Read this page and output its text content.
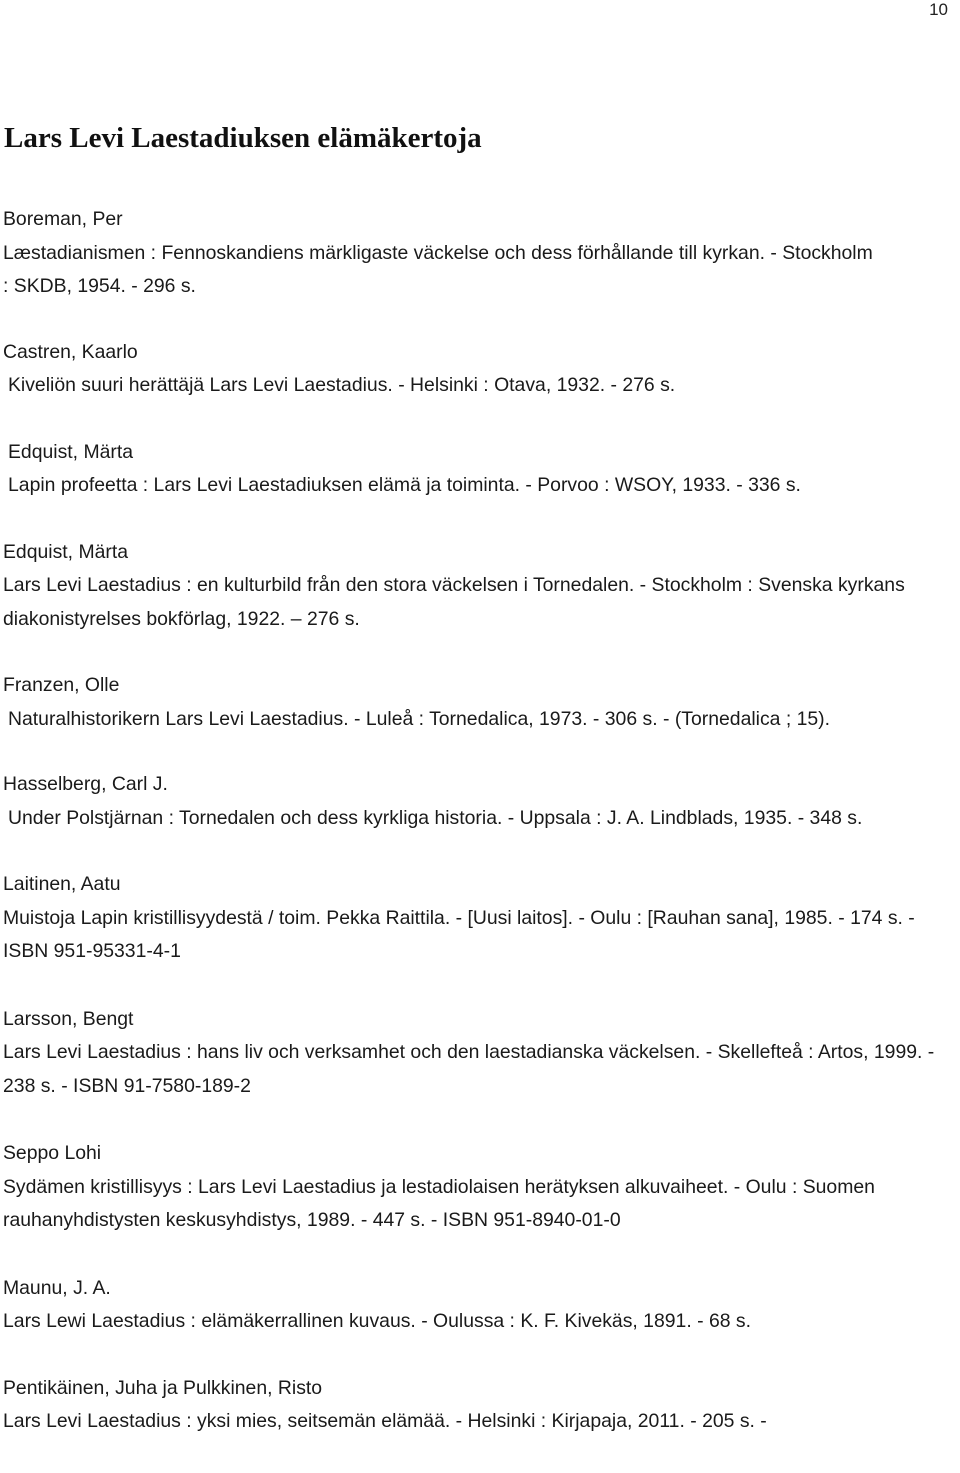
10
Lars Levi Laestadiuksen elämäkertoja

Boreman, Per

Læstadianismen : Fennoskandiens märkligaste väckelse och dess förhållande till kyrkan. - Stockholm : SKDB, 1954. - 296 s.

Castren, Kaarlo

Kiveliön suuri herättäjä Lars Levi Laestadius. - Helsinki : Otava, 1932. - 276 s.

Edquist, Märta

Lapin profeetta : Lars Levi Laestadiuksen elämä ja toiminta. - Porvoo : WSOY, 1933. - 336 s.

Edquist, Märta

Lars Levi Laestadius : en kulturbild från den stora väckelsen i Tornedalen. - Stockholm : Svenska kyrkans diakonistyrelses bokförlag, 1922. – 276 s.

Franzen, Olle

Naturalhistorikern Lars Levi Laestadius. - Luleå : Tornedalica, 1973. - 306 s. - (Tornedalica ; 15).

Hasselberg, Carl J.

Under Polstjärnan : Tornedalen och dess kyrkliga historia. - Uppsala : J. A. Lindblads, 1935. - 348 s.

Laitinen, Aatu

Muistoja Lapin kristillisyydestä / toim. Pekka Raittila. - [Uusi laitos]. - Oulu : [Rauhan sana], 1985. - 174 s. - ISBN 951-95331-4-1

Larsson, Bengt

Lars Levi Laestadius : hans liv och verksamhet och den laestadianska väckelsen. - Skellefteå : Artos, 1999. - 238 s. - ISBN 91-7580-189-2

Seppo Lohi

Sydämen kristillisyys : Lars Levi Laestadius ja lestadiolaisen herätyksen alkuvaiheet. - Oulu : Suomen rauhanyhdistysten keskusyhdistys, 1989. - 447 s. - ISBN 951-8940-01-0

Maunu, J. A.

Lars Lewi Laestadius : elämäkerrallinen kuvaus. - Oulussa : K. F. Kivekäs, 1891. - 68 s.

Pentikäinen, Juha ja Pulkkinen, Risto

Lars Levi Laestadius : yksi mies, seitsemän elämää. - Helsinki : Kirjapaja, 2011. - 205 s. -
